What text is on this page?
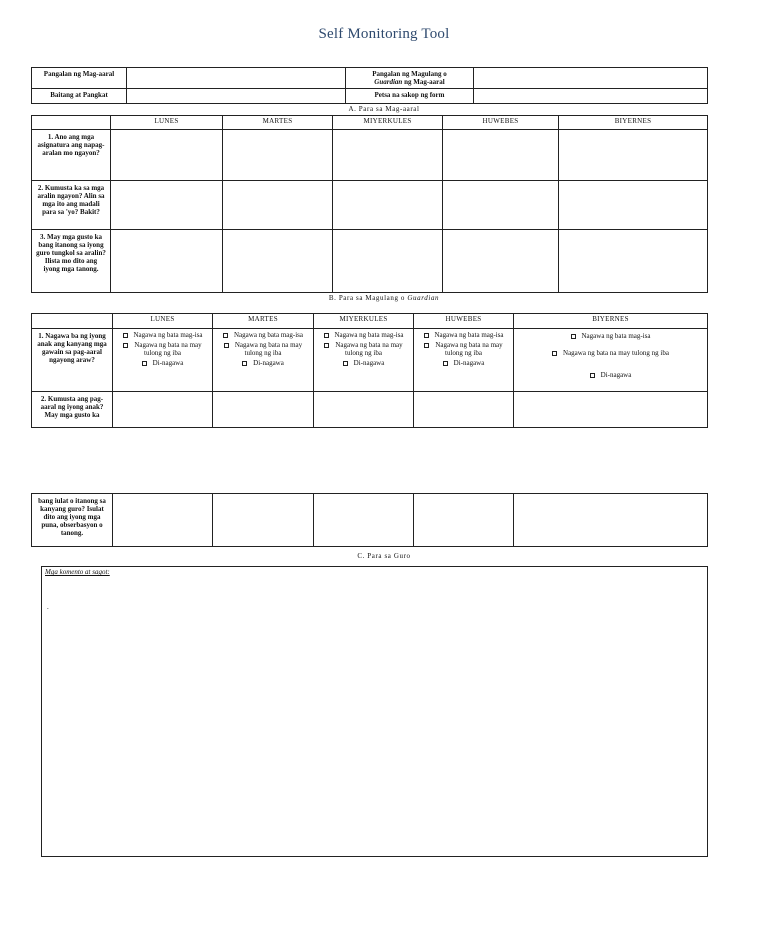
Self Monitoring Tool
Pangalan ng Mag-aaral		Pangalan ng Magulang o
Guardian ng Mag-aaral	
Baitang at Pangkat		Petsa na sakop ng form	
A. Para sa Mag-aaral
	LUNES	MARTES	MIYERKULES	HUWEBES	BIYERNES
1. Ano ang mga asignatura ang napag-aralan mo ngayon?					
2. Kumusta ka sa mga aralin ngayon? Alin sa mga ito ang madali para sa 'yo? Bakit?					
3. May mga gusto ka bang itanong sa iyong guro tungkol sa aralin? Ilista mo dito ang iyong mga tanong.					
B. Para sa Magulang o Guardian
	LUNES	MARTES	MIYERKULES	HUWEBES	BIYERNES
1. Nagawa ba ng iyong anak ang kanyang mga gawain sa pag-aaral ngayong araw?	Nagawa ng bata mag-isa
Nagawa ng bata na may tulong ng iba
Di-nagawa	Nagawa ng bata mag-isa
Nagawa ng bata na may tulong ng iba
Di-nagawa	Nagawa ng bata mag-isa
Nagawa ng bata na may tulong ng iba
Di-nagawa	Nagawa ng bata mag-isa
Nagawa ng bata na may tulong ng iba
Di-nagawa	Nagawa ng bata mag-isa
Nagawa ng bata na may tulong ng iba
Di-nagawa

2. Kumusta ang pag-aaral ng iyong anak? May mga gusto ka					
bang iulat o itanong sa kanyang guro? Isulat dito ang iyong mga puna, obserbasyon o tanong.					
C. Para sa Guro
Mga komento at sagot:
.
